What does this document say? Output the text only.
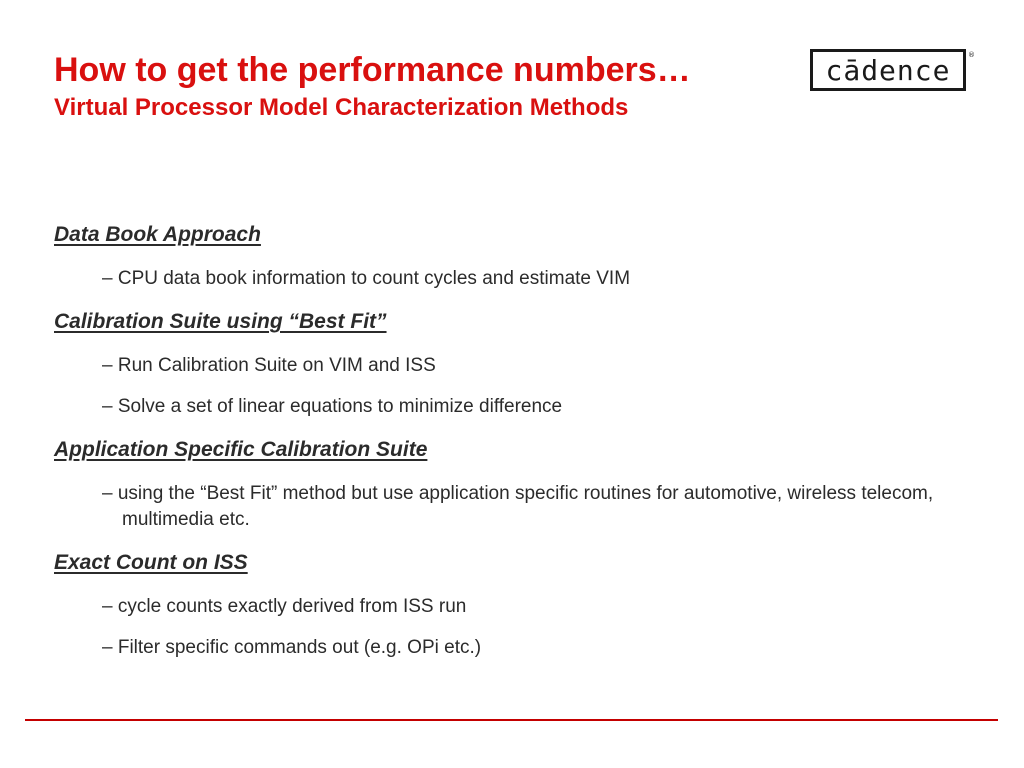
How to get the performance numbers…
Virtual Processor Model Characterization Methods
cādence ®

Data Book Approach

– CPU data book information to count cycles and estimate VIM

Calibration Suite using “Best Fit”

– Run Calibration Suite on VIM and ISS
– Solve a set of linear equations to minimize difference

Application Specific Calibration Suite

– using the “Best Fit” method but use application specific routines for automotive, wireless telecom, multimedia etc.

Exact Count on ISS

– cycle counts exactly derived from ISS run
– Filter specific commands out (e.g. OPi etc.)
